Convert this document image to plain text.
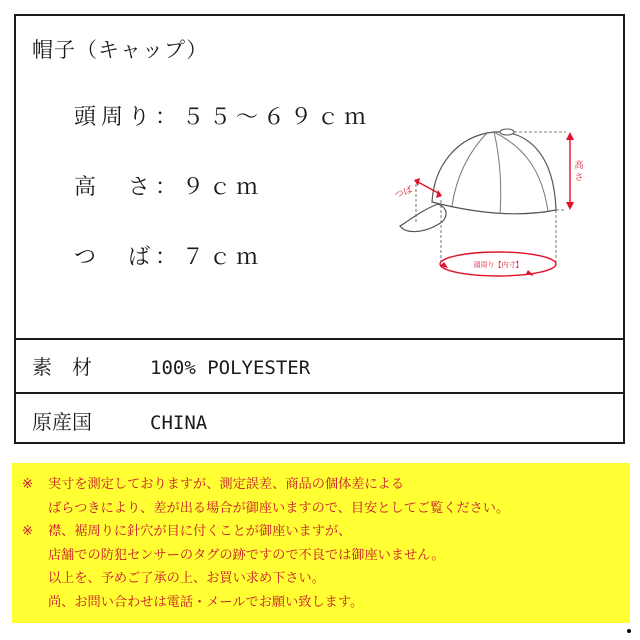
帽子（キャップ）
頭周り：５５～６９ｃｍ
高　さ：９ｃｍ
つ　ば：７ｃｍ
高
さ
つば
頭周り【内寸】
素　材	100% POLYESTER
原産国	CHINA
※ 実寸を測定しておりますが、測定誤差、商品の個体差による
ばらつきにより、差が出る場合が御座いますので、目安としてご覧ください。
※ 襟、裾周りに針穴が目に付くことが御座いますが、
店舗での防犯センサーのタグの跡ですので不良では御座いません。
以上を、予めご了承の上、お買い求め下さい。
尚、お問い合わせは電話・メールでお願い致します。
